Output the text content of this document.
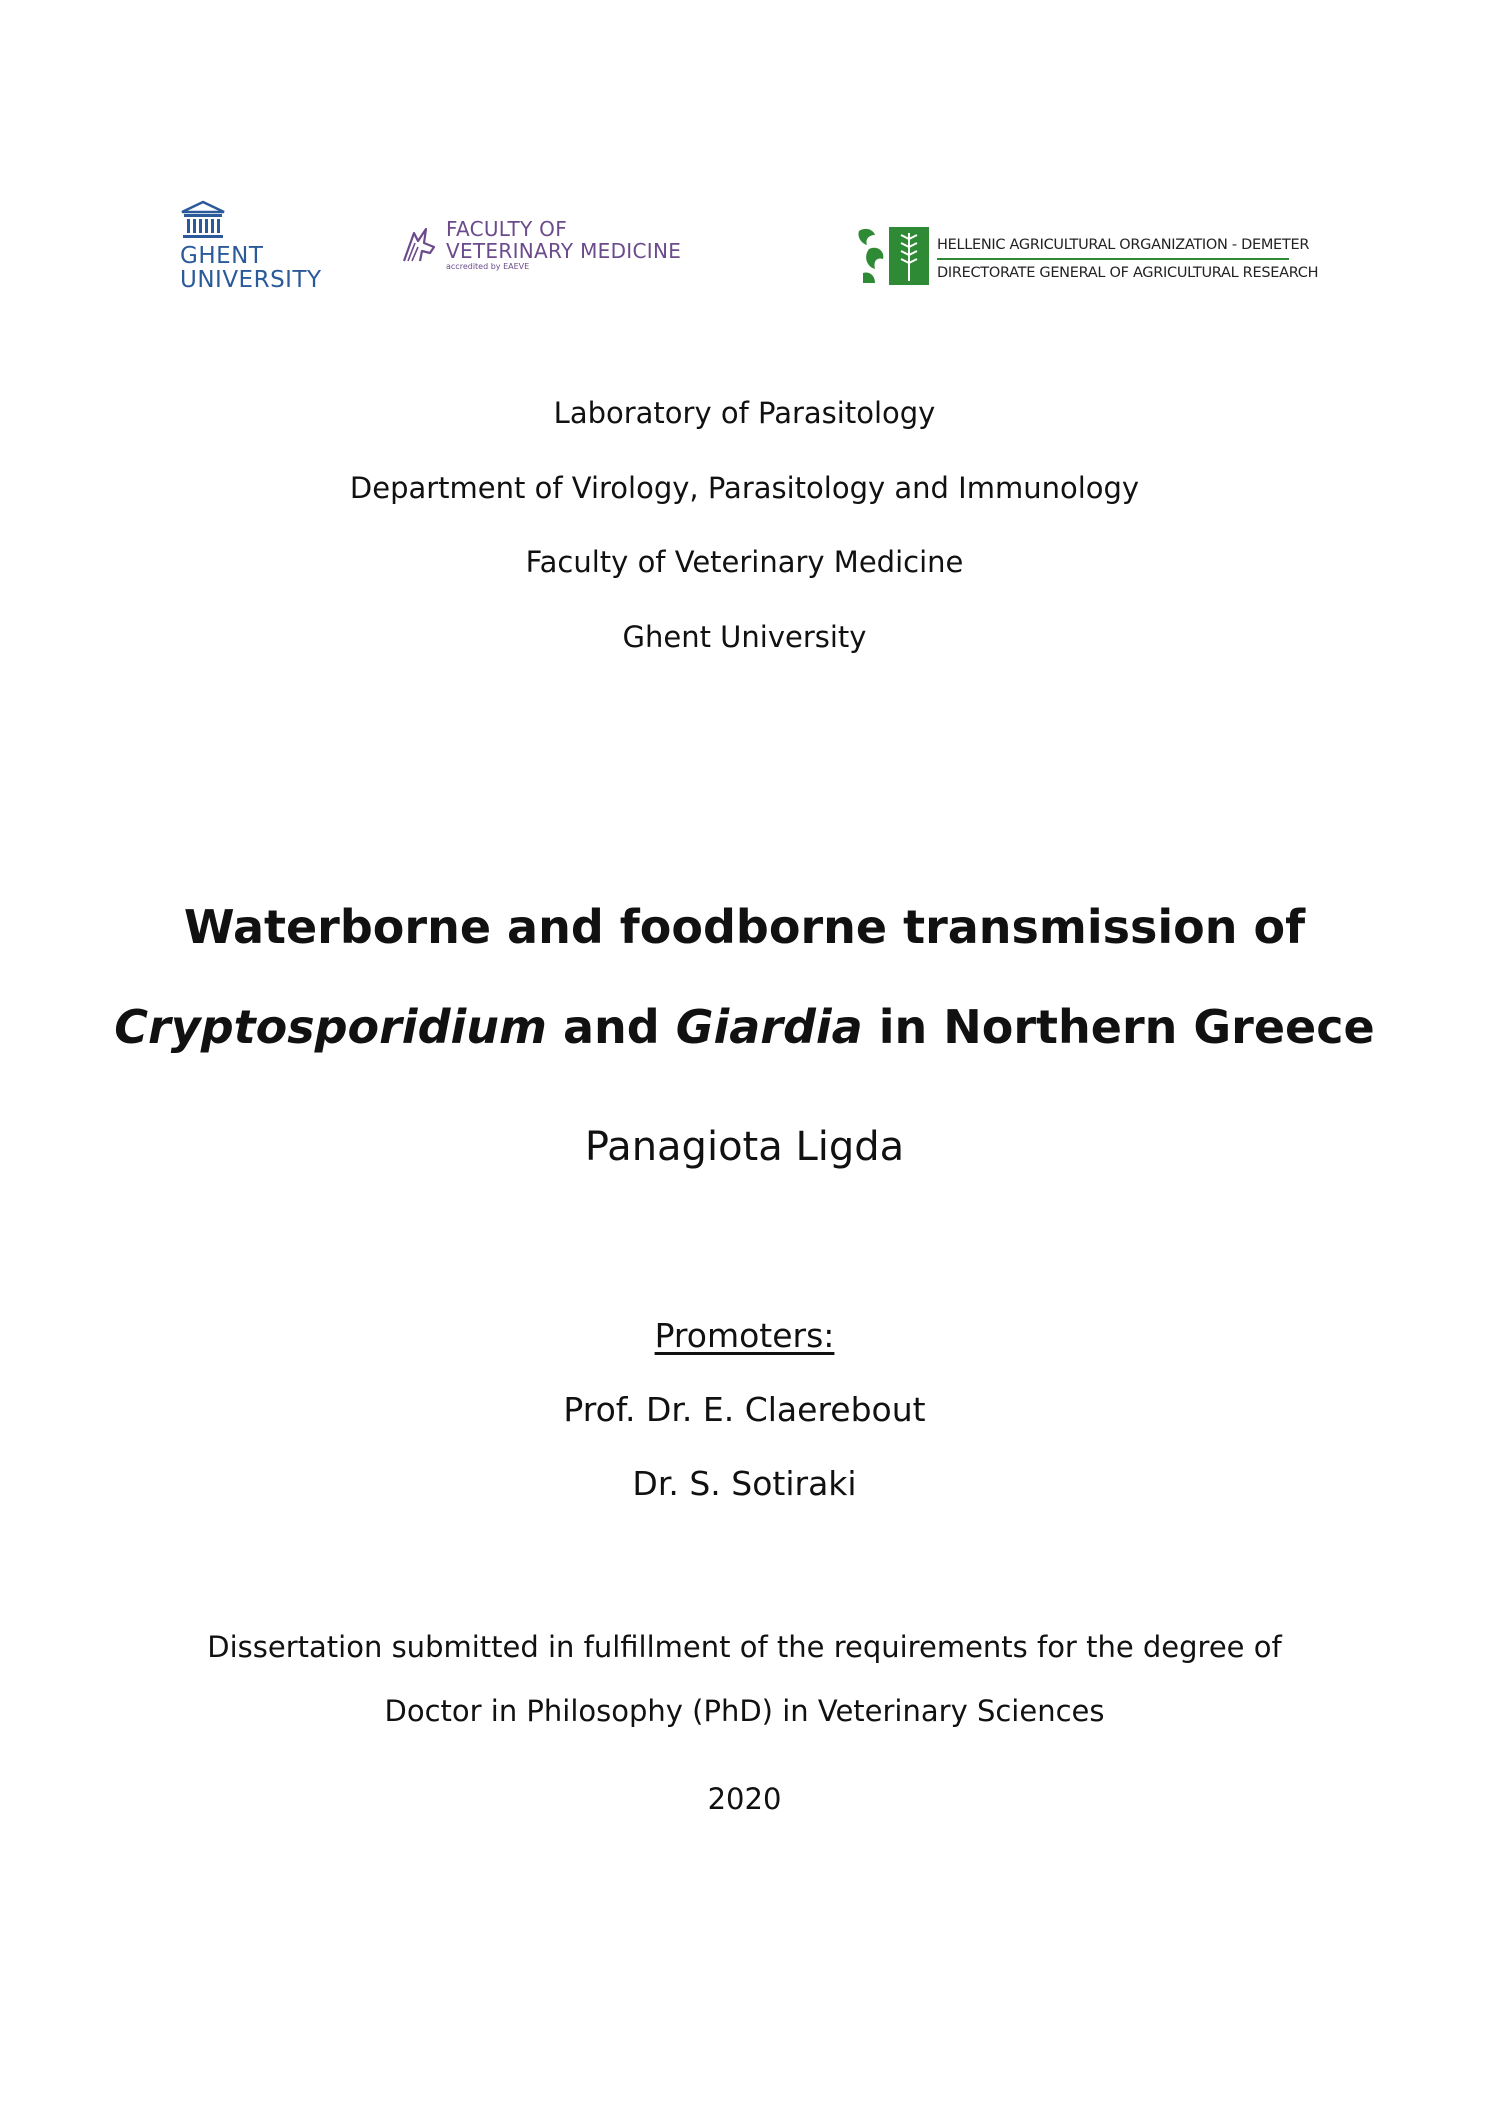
GHENT
UNIVERSITY
FACULTY OF
VETERINARY MEDICINE
accredited by EAEVE
HELLENIC AGRICULTURAL ORGANIZATION - DEMETER
DIRECTORATE GENERAL OF AGRICULTURAL RESEARCH
Laboratory of Parasitology
Department of Virology, Parasitology and Immunology
Faculty of Veterinary Medicine
Ghent University
Waterborne and foodborne transmission of
Cryptosporidium and Giardia in Northern Greece
Panagiota Ligda
Promoters:
Prof. Dr. E. Claerebout
Dr. S. Sotiraki
Dissertation submitted in fulfillment of the requirements for the degree of
Doctor in Philosophy (PhD) in Veterinary Sciences
2020
